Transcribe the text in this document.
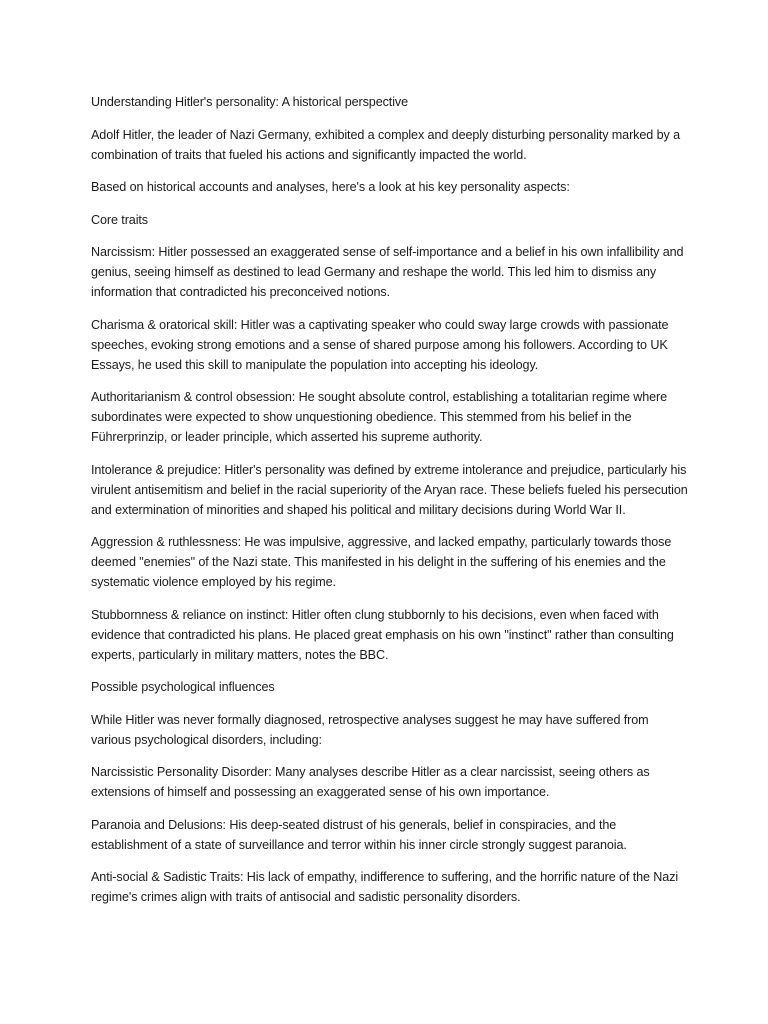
Understanding Hitler's personality: A historical perspective

Adolf Hitler, the leader of Nazi Germany, exhibited a complex and deeply disturbing personality marked by a combination of traits that fueled his actions and significantly impacted the world.

Based on historical accounts and analyses, here's a look at his key personality aspects:

Core traits

Narcissism: Hitler possessed an exaggerated sense of self-importance and a belief in his own infallibility and genius, seeing himself as destined to lead Germany and reshape the world. This led him to dismiss any information that contradicted his preconceived notions.

Charisma & oratorical skill: Hitler was a captivating speaker who could sway large crowds with passionate speeches, evoking strong emotions and a sense of shared purpose among his followers. According to UK Essays, he used this skill to manipulate the population into accepting his ideology.

Authoritarianism & control obsession: He sought absolute control, establishing a totalitarian regime where subordinates were expected to show unquestioning obedience. This stemmed from his belief in the Führerprinzip, or leader principle, which asserted his supreme authority.

Intolerance & prejudice: Hitler's personality was defined by extreme intolerance and prejudice, particularly his virulent antisemitism and belief in the racial superiority of the Aryan race. These beliefs fueled his persecution and extermination of minorities and shaped his political and military decisions during World War II.

Aggression & ruthlessness: He was impulsive, aggressive, and lacked empathy, particularly towards those deemed "enemies" of the Nazi state. This manifested in his delight in the suffering of his enemies and the systematic violence employed by his regime.

Stubbornness & reliance on instinct: Hitler often clung stubbornly to his decisions, even when faced with evidence that contradicted his plans. He placed great emphasis on his own "instinct" rather than consulting experts, particularly in military matters, notes the BBC.

Possible psychological influences

While Hitler was never formally diagnosed, retrospective analyses suggest he may have suffered from various psychological disorders, including:

Narcissistic Personality Disorder: Many analyses describe Hitler as a clear narcissist, seeing others as extensions of himself and possessing an exaggerated sense of his own importance.

Paranoia and Delusions: His deep-seated distrust of his generals, belief in conspiracies, and the establishment of a state of surveillance and terror within his inner circle strongly suggest paranoia.

Anti-social & Sadistic Traits: His lack of empathy, indifference to suffering, and the horrific nature of the Nazi regime's crimes align with traits of antisocial and sadistic personality disorders.
